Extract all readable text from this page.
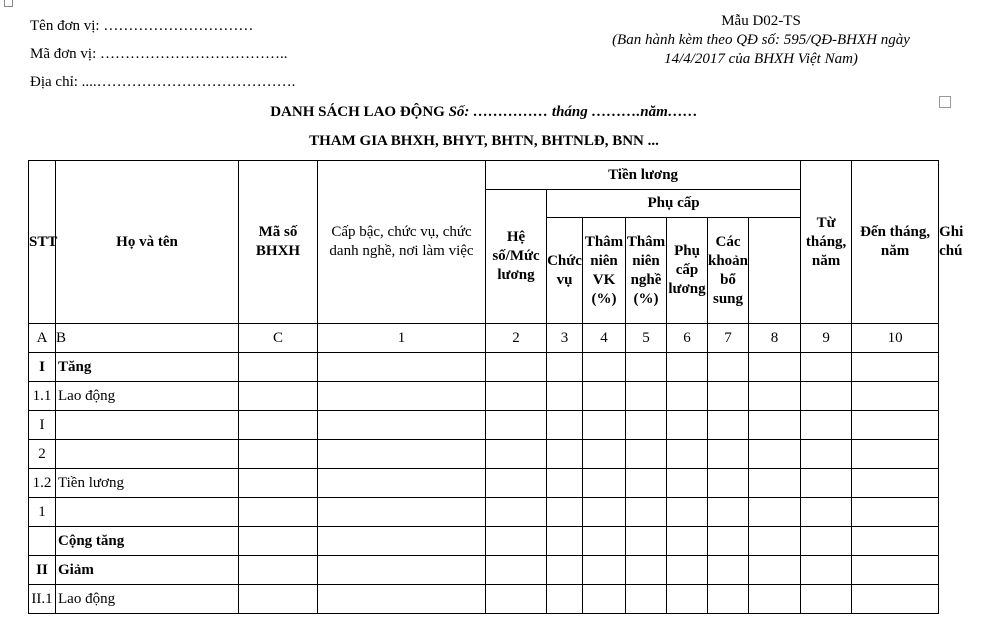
Tên đơn vị: …………………………
Mã đơn vị: ………………………………..
Địa chỉ: ....………………………………….
Mẫu D02-TS
(Ban hành kèm theo QĐ số: 595/QĐ-BHXH ngày
14/4/2017 của BHXH Việt Nam)
DANH SÁCH LAO ĐỘNG Số: …………… tháng ……….năm……
THAM GIA BHXH, BHYT, BHTN, BHTNLĐ, BNN ...
STT	Họ và tên	Mã số BHXH	Cấp bậc, chức vụ, chức danh nghề, nơi làm việc	Tiền lương							Từ tháng, năm	Đến tháng, năm	Ghi chú
				Hệ số/Mức lương	Phụ cấp								
					Chức vụ	Thâm niên VK (%)	Thâm niên nghề (%)	Phụ cấp lương	Các khoản bổ sung				
A	B	C	1	2	3	4	5	6	7	8	9	10	
I	Tăng												
1.1	Lao động												
I													
2													
1.2	Tiền lương												
1													
	Cộng tăng												
II	Giảm												
II.1	Lao động												
